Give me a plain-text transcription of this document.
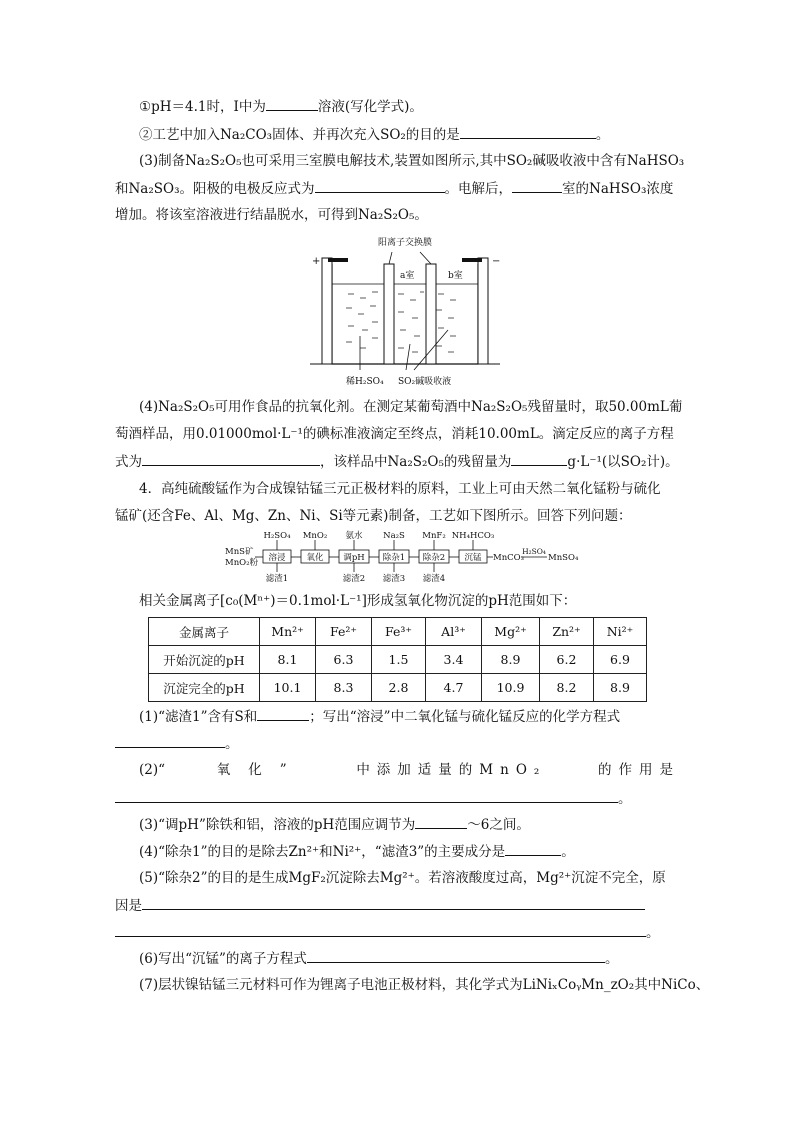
①pH＝4.1时，Ⅰ中为	溶液(写化学式)。
②工艺中加入Na₂CO₃固体、并再次充入SO₂的目的是	。
(3)制备Na₂S₂O₅也可采用三室膜电解技术,装置如图所示,其中SO₂碱吸收液中含有NaHSO₃
和Na₂SO₃。阳极的电极反应式为	。电解后，	室的NaHSO₃浓度
增加。将该室溶液进行结晶脱水，可得到Na₂S₂O₅。
+	−
阳离子交换膜
a室	b室
稀H₂SO₄ SO₂碱吸收液
(4)Na₂S₂O₅可用作食品的抗氧化剂。在测定某葡萄酒中Na₂S₂O₅残留量时，取50.00mL葡
萄酒样品，用0.01000mol·L⁻¹的碘标准液滴定至终点，消耗10.00mL。滴定反应的离子方程
式为	，该样品中Na₂S₂O₅的残留量为	g·L⁻¹(以SO₂计)。
4．高纯硫酸锰作为合成镍钴锰三元正极材料的原料，工业上可由天然二氧化锰粉与硫化
锰矿(还含Fe、Al、Mg、Zn、Ni、Si等元素)制备，工艺如下图所示。回答下列问题：
MnS矿
MnO₂粉 溶浸 氧化 调pH 除杂1 除杂2 沉锰
H₂SO₄ MnO₂ 氨水 Na₂S MnF₂ NH₄HCO₃
滤渣1	滤渣2 滤渣3 滤渣4
MnCO₃
H₂SO₄
MnSO₄
相关金属离子[c₀(Mⁿ⁺)＝0.1mol·L⁻¹]形成氢氧化物沉淀的pH范围如下：
金属离子	Mn²⁺	Fe²⁺	Fe³⁺	Al³⁺	Mg²⁺	Zn²⁺	Ni²⁺
开始沉淀的pH	8.1	6.3	1.5	3.4	8.9	6.2	6.9
沉淀完全的pH	10.1	8.3	2.8	4.7	10.9	8.2	8.9
(1)“滤渣1”含有S和	；写出“溶浸”中二氧化锰与硫化锰反应的化学方程式
。
(2)“	氧化”	中添加适量的MnO₂	的作用是
。
(3)“调pH”除铁和铝，溶液的pH范围应调节为	～6之间。
(4)“除杂1”的目的是除去Zn²⁺和Ni²⁺，“滤渣3”的主要成分是	。
(5)“除杂2”的目的是生成MgF₂沉淀除去Mg²⁺。若溶液酸度过高，Mg²⁺沉淀不完全，原
因是
。
(6)写出“沉锰”的离子方程式	。
(7)层状镍钴锰三元材料可作为锂离子电池正极材料，其化学式为LiNiₓCoᵧMn_zO₂其中NiCo、
